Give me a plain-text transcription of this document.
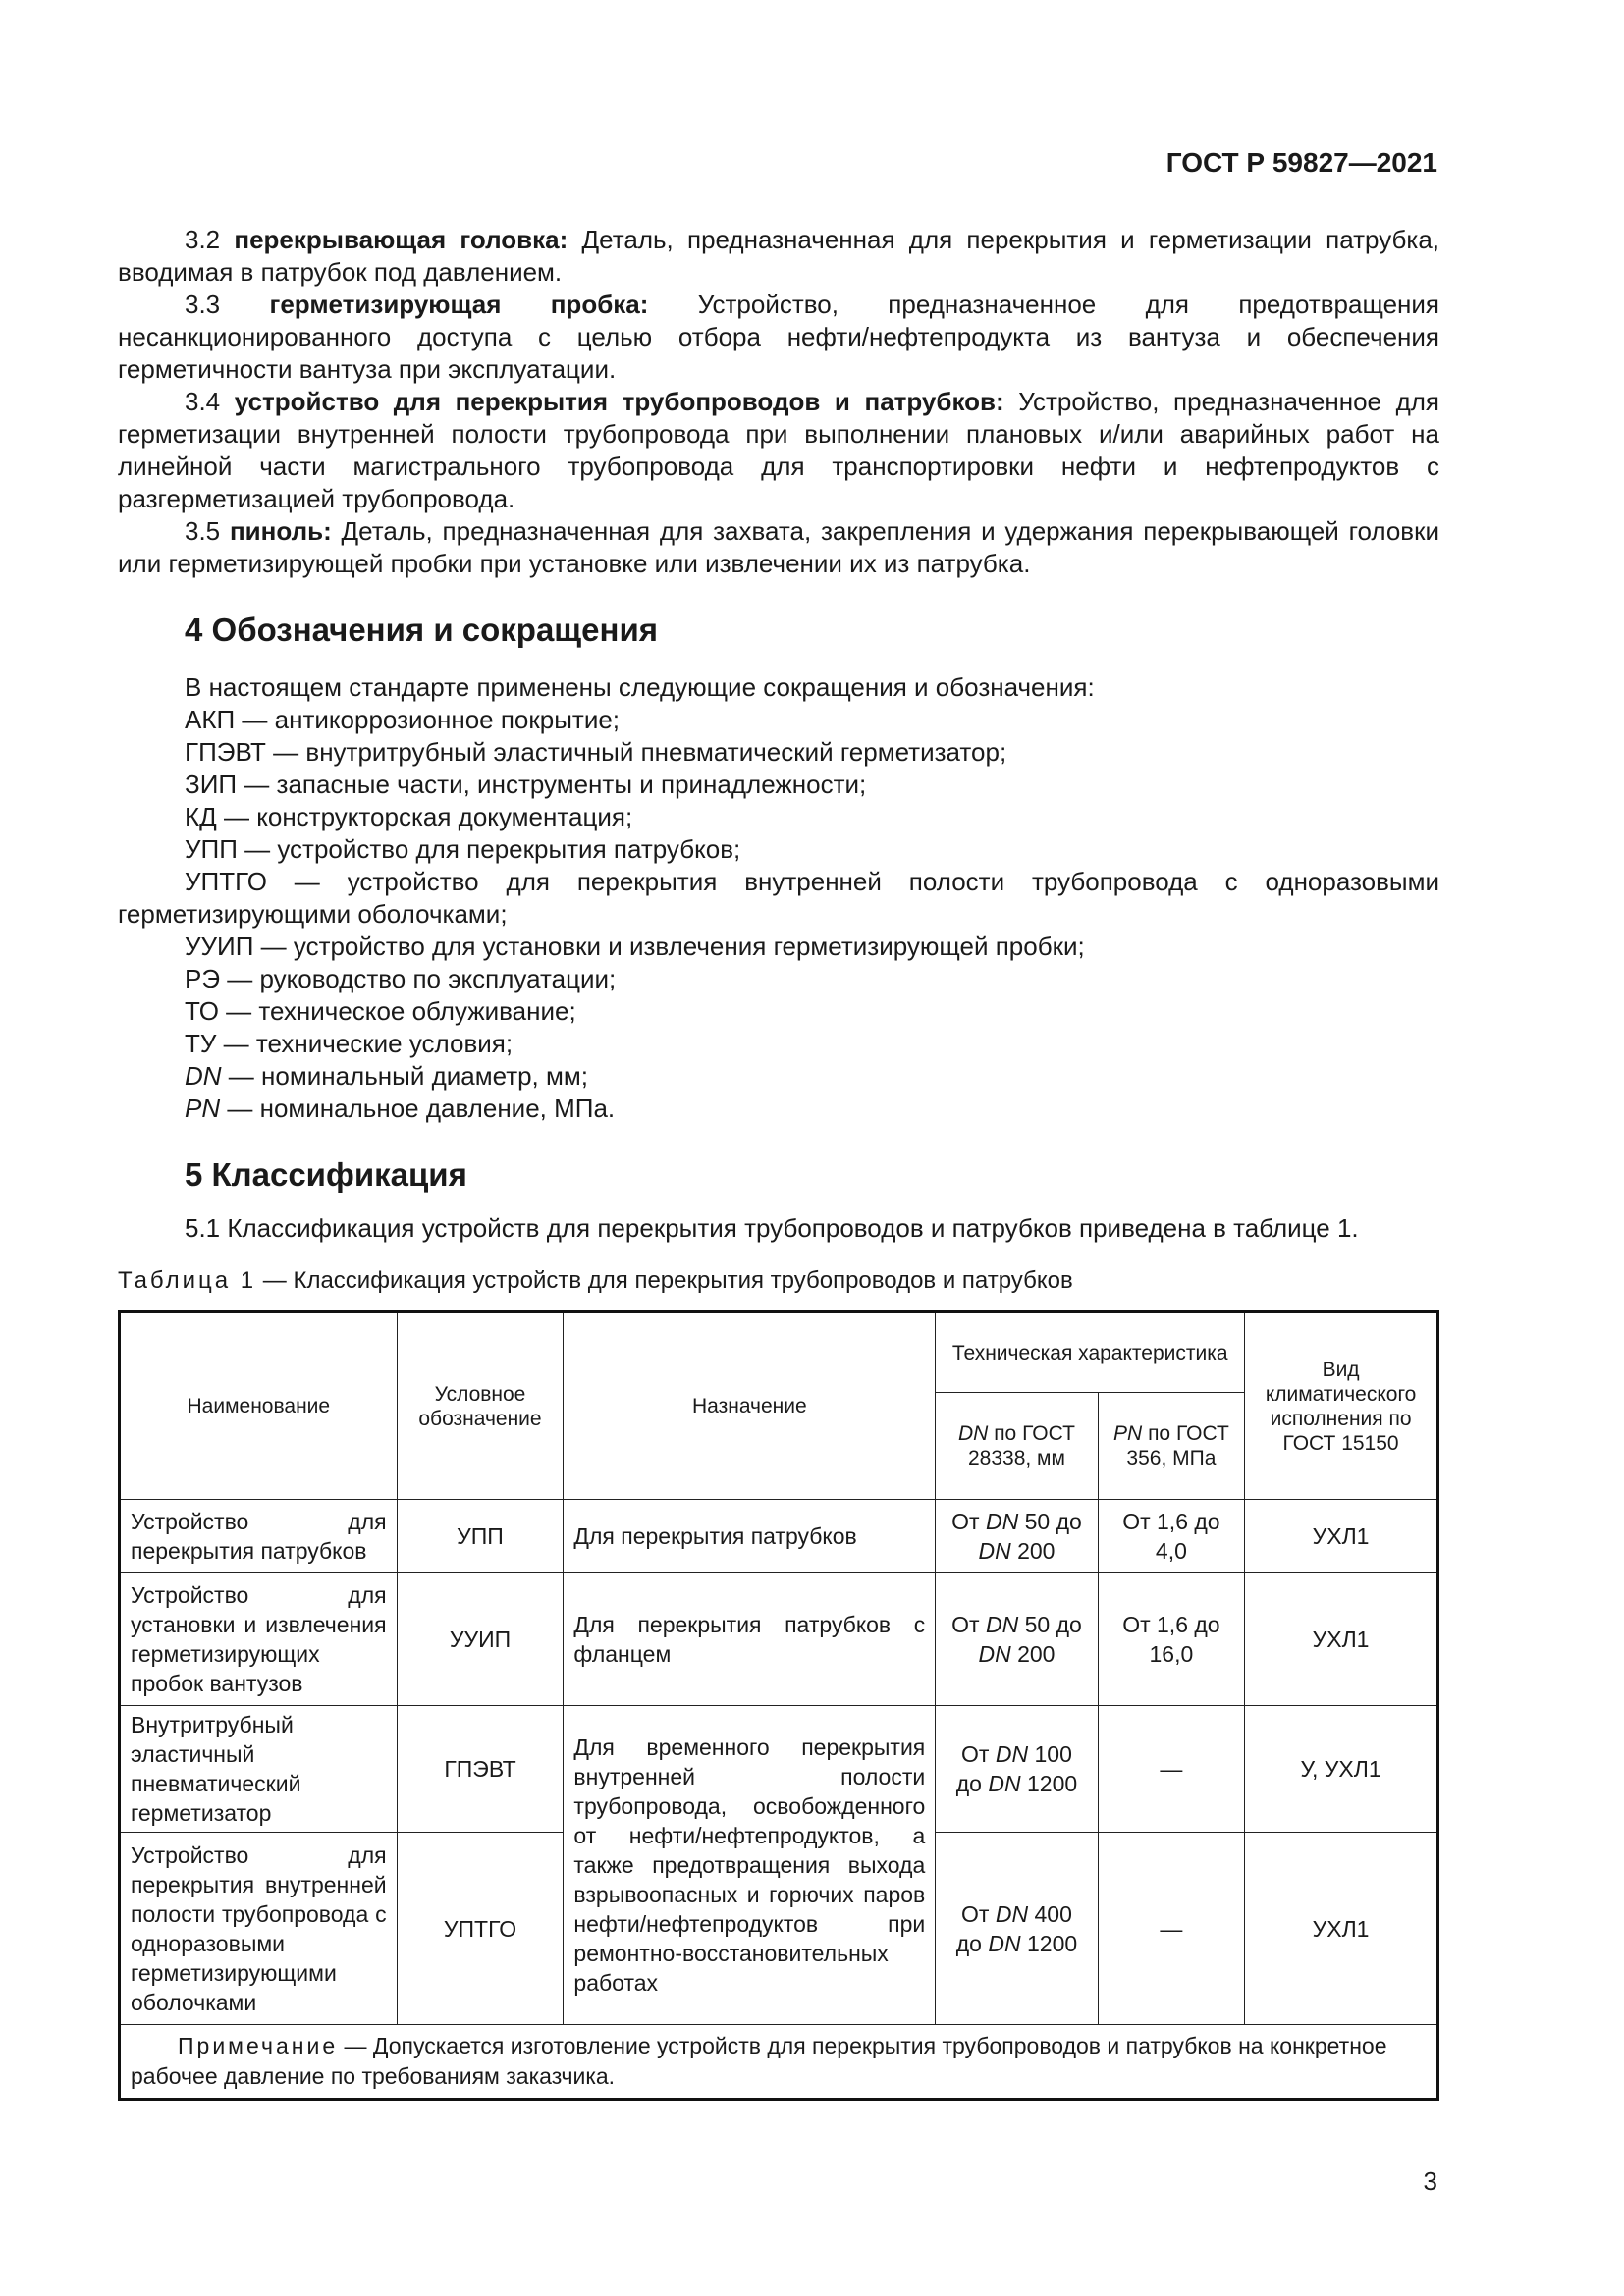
ГОСТ Р 59827—2021

3.2 перекрывающая головка: Деталь, предназначенная для перекрытия и герметизации патрубка, вводимая в патрубок под давлением.

3.3 герметизирующая пробка: Устройство, предназначенное для предотвращения несанкционированного доступа с целью отбора нефти/нефтепродукта из вантуза и обеспечения герметичности вантуза при эксплуатации.

3.4 устройство для перекрытия трубопроводов и патрубков: Устройство, предназначенное для герметизации внутренней полости трубопровода при выполнении плановых и/или аварийных работ на линейной части магистрального трубопровода для транспортировки нефти и нефтепродуктов с разгерметизацией трубопровода.

3.5 пиноль: Деталь, предназначенная для захвата, закрепления и удержания перекрывающей головки или герметизирующей пробки при установке или извлечении их из патрубка.

4 Обозначения и сокращения

В настоящем стандарте применены следующие сокращения и обозначения:

АКП — антикоррозионное покрытие;

ГПЭВТ — внутритрубный эластичный пневматический герметизатор;

ЗИП — запасные части, инструменты и принадлежности;

КД — конструкторская документация;

УПП — устройство для перекрытия патрубков;

УПТГО — устройство для перекрытия внутренней полости трубопровода с одноразовыми герметизирующими оболочками;

УУИП — устройство для установки и извлечения герметизирующей пробки;

РЭ — руководство по эксплуатации;

ТО — техническое облуживание;

ТУ — технические условия;

DN — номинальный диаметр, мм;

PN — номинальное давление, МПа.

5 Классификация

5.1 Классификация устройств для перекрытия трубопроводов и патрубков приведена в таблице 1.

Таблица 1 — Классификация устройств для перекрытия трубопроводов и патрубков

Наименование	Условное обозначение	Назначение	Техническая характеристика		Вид климатического исполнения по ГОСТ 15150
			DN по ГОСТ 28338, мм	PN по ГОСТ 356, МПа	
Устройство для перекрытия патрубков	УПП	Для перекрытия патрубков	От DN 50 до DN 200	От 1,6 до 4,0	УХЛ1
Устройство для установки и извлечения герметизирующих пробок вантузов	УУИП	Для перекрытия патрубков с фланцем	От DN 50 до DN 200	От 1,6 до 16,0	УХЛ1
Внутритрубный эластичный пневматический герметизатор	ГПЭВТ	Для временного перекрытия внутренней полости трубопровода, освобожденного от нефти/нефтепродуктов, а также предотвращения выхода взрывоопасных и горючих паров нефти/нефтепродуктов при ремонтно-восстановительных работах	От DN 100 до DN 1200	—	У, УХЛ1
Устройство для перекрытия внутренней полости трубопровода с одноразовыми герметизирующими оболочками	УПТГО		От DN 400 до DN 1200	—	УХЛ1
Примечание — Допускается изготовление устройств для перекрытия трубопроводов и патрубков на конкретное рабочее давление по требованиям заказчика.					
3
